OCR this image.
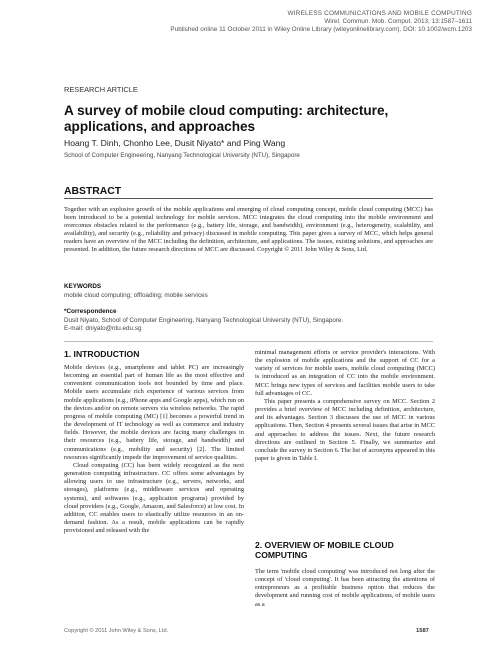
WIRELESS COMMUNICATIONS AND MOBILE COMPUTING
Wirel. Commun. Mob. Comput. 2013; 13:1587–1611
Published online 11 October 2011 in Wiley Online Library (wileyonlinelibrary.com). DOI: 10.1002/wcm.1203
RESEARCH ARTICLE
A survey of mobile cloud computing: architecture, applications, and approaches
Hoang T. Dinh, Chonho Lee, Dusit Niyato* and Ping Wang
School of Computer Engineering, Nanyang Technological University (NTU), Singapore
ABSTRACT
Together with an explosive growth of the mobile applications and emerging of cloud computing concept, mobile cloud computing (MCC) has been introduced to be a potential technology for mobile services. MCC integrates the cloud computing into the mobile environment and overcomes obstacles related to the performance (e.g., battery life, storage, and bandwidth), environment (e.g., heterogeneity, scalability, and availability), and security (e.g., reliability and privacy) discussed in mobile computing. This paper gives a survey of MCC, which helps general readers have an overview of the MCC including the definition, architecture, and applications. The issues, existing solutions, and approaches are presented. In addition, the future research directions of MCC are discussed. Copyright © 2011 John Wiley & Sons, Ltd.
KEYWORDS
mobile cloud computing; offloading; mobile services
*Correspondence
Dusit Niyato, School of Computer Engineering, Nanyang Technological University (NTU), Singapore.
E-mail: dniyato@ntu.edu.sg
1. INTRODUCTION

Mobile devices (e.g., smartphone and tablet PC) are increasingly becoming an essential part of human life as the most effective and convenient communication tools not bounded by time and place. Mobile users accumulate rich experience of various services from mobile applications (e.g., iPhone apps and Google apps), which run on the devices and/or on remote servers via wireless networks. The rapid progress of mobile computing (MC) [1] becomes a powerful trend in the development of IT technology as well as commerce and industry fields. However, the mobile devices are facing many challenges in their resources (e.g., battery life, storage, and bandwidth) and communications (e.g., mobility and security) [2]. The limited resources significantly impede the improvement of service qualities.

Cloud computing (CC) has been widely recognized as the next generation computing infrastructure. CC offers some advantages by allowing users to use infrastructure (e.g., servers, networks, and storages), platforms (e.g., middleware services and operating systems), and softwares (e.g., application programs) provided by cloud providers (e.g., Google, Amazon, and Salesforce) at low cost. In addition, CC enables users to elastically utilize resources in an on-demand fashion. As a result, mobile applications can be rapidly provisioned and released with the

minimal management efforts or service provider's interactions. With the explosion of mobile applications and the support of CC for a variety of services for mobile users, mobile cloud computing (MCC) is introduced as an integration of CC into the mobile environment. MCC brings new types of services and facilities mobile users to take full advantages of CC.

This paper presents a comprehensive survey on MCC. Section 2 provides a brief overview of MCC including definition, architecture, and its advantages. Section 3 discusses the use of MCC in various applications. Then, Section 4 presents several issues that arise in MCC and approaches to address the issues. Next, the future research directions are outlined in Section 5. Finally, we summarize and conclude the survey in Section 6. The list of acronyms appeared in this paper is given in Table I.

2. OVERVIEW OF MOBILE CLOUD COMPUTING

The term 'mobile cloud computing' was introduced not long after the concept of 'cloud computing'. It has been attracting the attentions of entrepreneurs as a profitable business option that reduces the development and running cost of mobile applications, of mobile users as a

Copyright © 2011 John Wiley & Sons, Ltd.	1587
